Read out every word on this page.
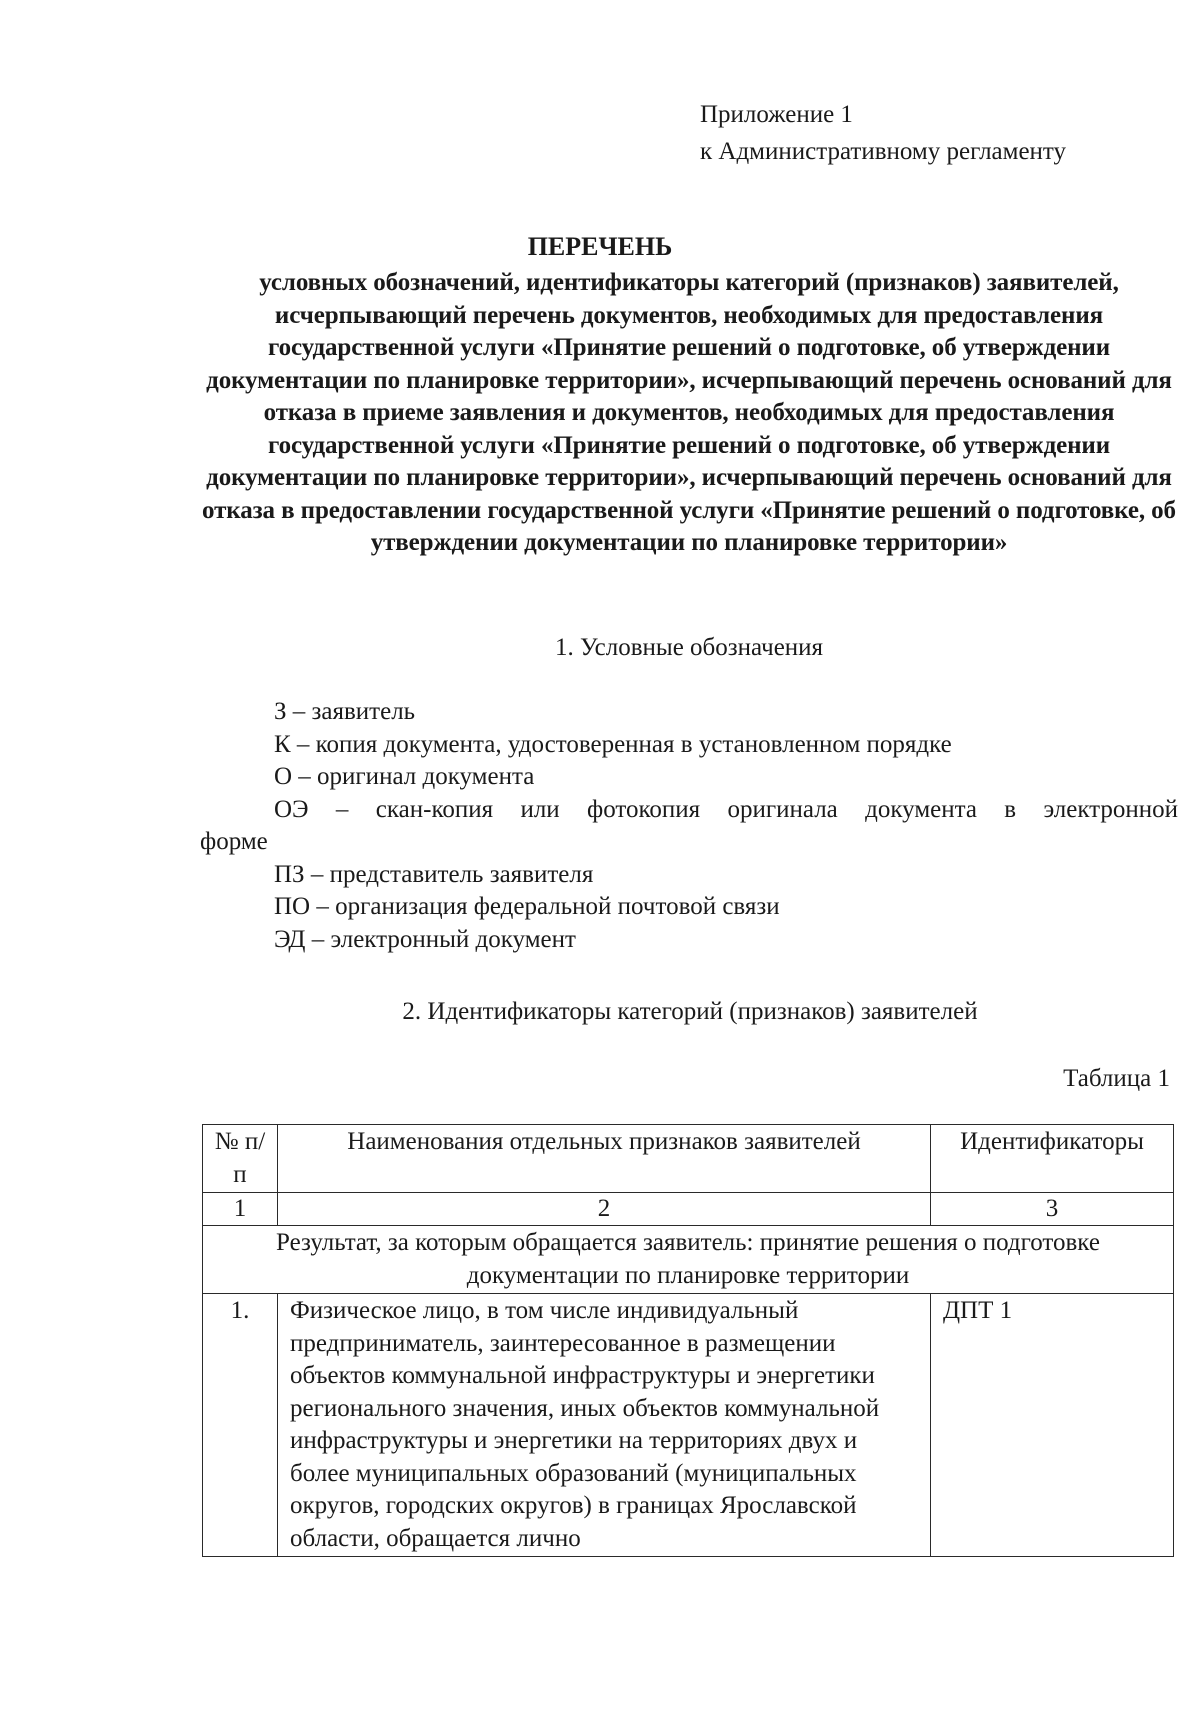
Приложение 1
к Административному регламенту
ПЕРЕЧЕНЬ
условных обозначений, идентификаторы категорий (признаков) заявителей, исчерпывающий перечень документов, необходимых для предоставления государственной услуги «Принятие решений о подготовке, об утверждении документации по планировке территории», исчерпывающий перечень оснований для отказа в приеме заявления и документов, необходимых для предоставления государственной услуги «Принятие решений о подготовке, об утверждении документации по планировке территории», исчерпывающий перечень оснований для отказа в предоставлении государственной услуги «Принятие решений о подготовке, об утверждении документации по планировке территории»
1. Условные обозначения
З – заявитель
К – копия документа, удостоверенная в установленном порядке
О – оригинал документа
ОЭ – скан-копия или фотокопия оригинала документа в электронной
форме
ПЗ – представитель заявителя
ПО – организация федеральной почтовой связи
ЭД – электронный документ
2. Идентификаторы категорий (признаков) заявителей
Таблица 1
№ п/п	Наименования отдельных признаков заявителей	Идентификаторы
1	2	3
Результат, за которым обращается заявитель: принятие решения о подготовке документации по планировке территории		
1.	Физическое лицо, в том числе индивидуальный предприниматель, заинтересованное в размещении объектов коммунальной инфраструктуры и энергетики регионального значения, иных объектов коммунальной инфраструктуры и энергетики на территориях двух и более муниципальных образований (муниципальных округов, городских округов) в границах Ярославской области, обращается лично	ДПТ 1
